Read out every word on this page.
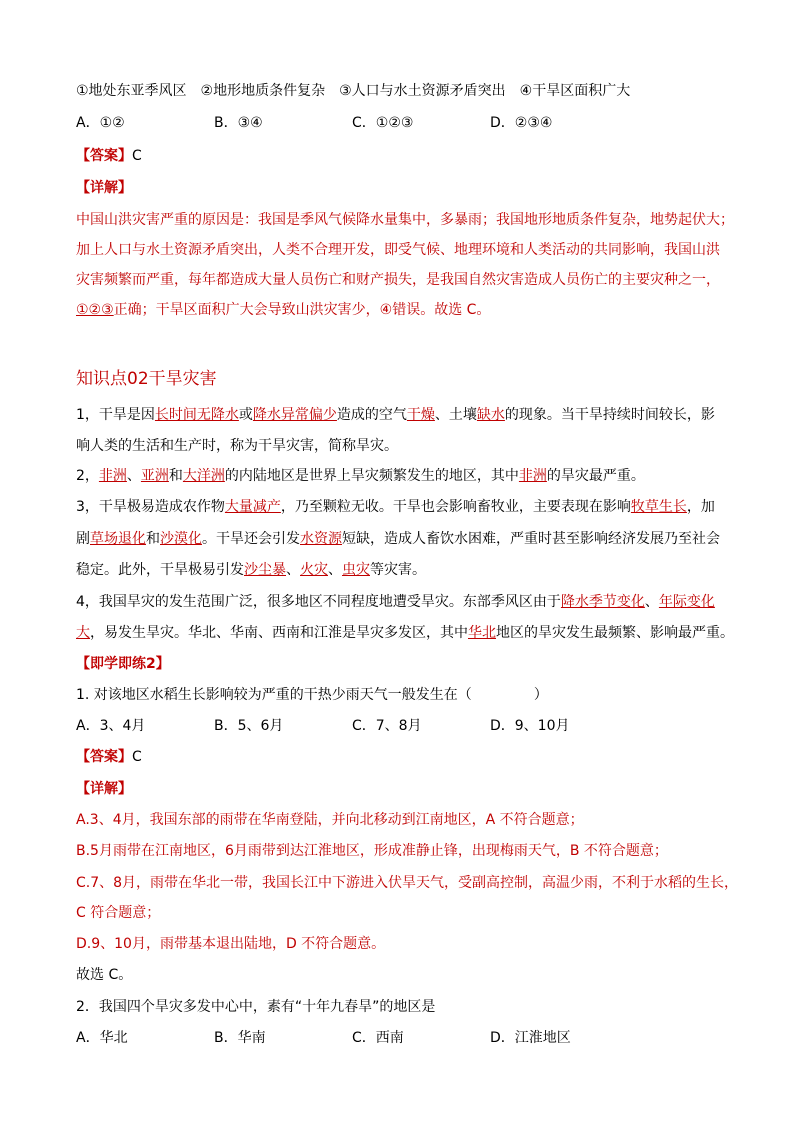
①地处东亚季风区　②地形地质条件复杂　③人口与水土资源矛盾突出　④干旱区面积广大
A．①②	B．③④	C．①②③	D．②③④
【答案】C
【详解】
中国山洪灾害严重的原因是：我国是季风气候降水量集中，多暴雨；我国地形地质条件复杂，地势起伏大；
加上人口与水土资源矛盾突出，人类不合理开发，即受气候、地理环境和人类活动的共同影响，我国山洪
灾害频繁而严重，每年都造成大量人员伤亡和财产损失，是我国自然灾害造成人员伤亡的主要灾种之一，
①②③正确；干旱区面积广大会导致山洪灾害少，④错误。故选 C。
知识点02干旱灾害
1，干旱是因长时间无降水或降水异常偏少造成的空气干燥、土壤缺水的现象。当干旱持续时间较长，影
响人类的生活和生产时，称为干旱灾害，简称旱灾。
2，非洲、亚洲和大洋洲的内陆地区是世界上旱灾频繁发生的地区，其中非洲的旱灾最严重。
3，干旱极易造成农作物大量减产，乃至颗粒无收。干旱也会影响畜牧业，主要表现在影响牧草生长，加
剧草场退化和沙漠化。干旱还会引发水资源短缺，造成人畜饮水困难，严重时甚至影响经济发展乃至社会
稳定。此外，干旱极易引发沙尘暴、火灾、虫灾等灾害。
4，我国旱灾的发生范围广泛，很多地区不同程度地遭受旱灾。东部季风区由于降水季节变化、年际变化
大，易发生旱灾。华北、华南、西南和江淮是旱灾多发区，其中华北地区的旱灾发生最频繁、影响最严重。
【即学即练2】
1. 对该地区水稻生长影响较为严重的干热少雨天气一般发生在（	）
A．3、4月	B．5、6月	C．7、8月	D．9、10月
【答案】C
【详解】
A.3、4月，我国东部的雨带在华南登陆，并向北移动到江南地区，A 不符合题意；
B.5月雨带在江南地区，6月雨带到达江淮地区，形成准静止锋，出现梅雨天气，B 不符合题意；
C.7、8月，雨带在华北一带，我国长江中下游进入伏旱天气，受副高控制，高温少雨，不利于水稻的生长，
C 符合题意；
D.9、10月，雨带基本退出陆地，D 不符合题意。
故选 C。
2．我国四个旱灾多发中心中，素有“十年九春旱”的地区是
A．华北	B．华南	C．西南	D．江淮地区
